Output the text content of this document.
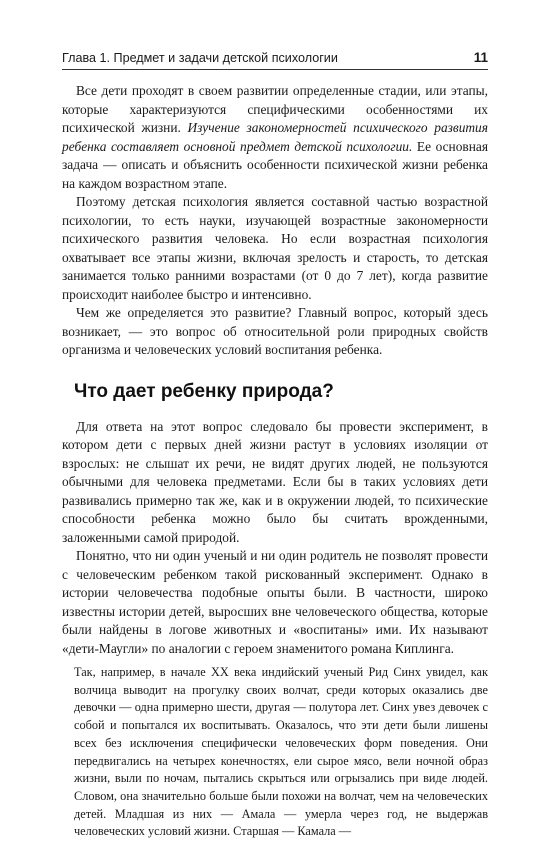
Глава 1. Предмет и задачи детской психологии	11

Все дети проходят в своем развитии определенные стадии, или этапы, которые характеризуются специфическими особенностями их психической жизни. Изучение закономерностей психического развития ребенка составляет основной предмет детской психологии. Ее основная задача — описать и объяснить особенности психической жизни ребенка на каждом возрастном этапе.

Поэтому детская психология является составной частью возрастной психологии, то есть науки, изучающей возрастные закономерности психического развития человека. Но если возрастная психология охватывает все этапы жизни, включая зрелость и старость, то детская занимается только ранними возрастами (от 0 до 7 лет), когда развитие происходит наиболее быстро и интенсивно.

Чем же определяется это развитие? Главный вопрос, который здесь возникает, — это вопрос об относительной роли природных свойств организма и человеческих условий воспитания ребенка.

Что дает ребенку природа?

Для ответа на этот вопрос следовало бы провести эксперимент, в котором дети с первых дней жизни растут в условиях изоляции от взрослых: не слышат их речи, не видят других людей, не пользуются обычными для человека предметами. Если бы в таких условиях дети развивались примерно так же, как и в окружении людей, то психические способности ребенка можно было бы считать врожденными, заложенными самой природой.

Понятно, что ни один ученый и ни один родитель не позволят провести с человеческим ребенком такой рискованный эксперимент. Однако в истории человечества подобные опыты были. В частности, широко известны истории детей, выросших вне человеческого общества, которые были найдены в логове животных и «воспитаны» ими. Их называют «дети-Маугли» по аналогии с героем знаменитого романа Киплинга.

Так, например, в начале XX века индийский ученый Рид Синх увидел, как волчица выводит на прогулку своих волчат, среди которых оказались две девочки — одна примерно шести, другая — полутора лет. Синх увез девочек с собой и попытался их воспитывать. Оказалось, что эти дети были лишены всех без исключения специфически человеческих форм поведения. Они передвигались на четырех конечностях, ели сырое мясо, вели ночной образ жизни, выли по ночам, пытались скрыться или огрызались при виде людей. Словом, она значительно больше были похожи на волчат, чем на человеческих детей. Младшая из них — Амала — умерла через год, не выдержав человеческих условий жизни. Старшая — Камала —
